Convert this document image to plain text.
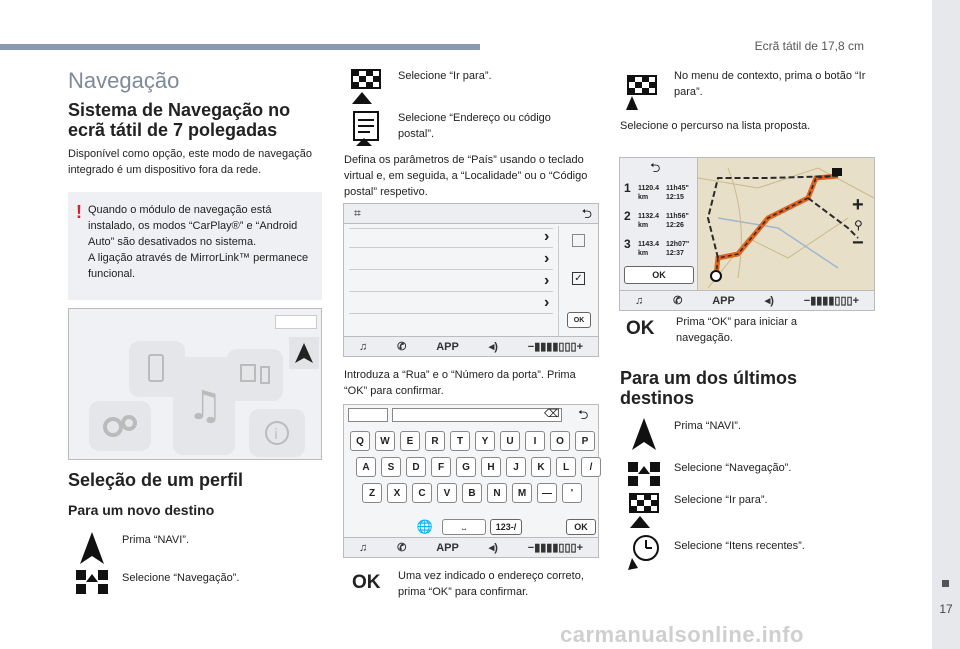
Ecrã tátil de 17,8 cm
17
carmanualsonline.info
Navegação
Sistema de Navegação no ecrã tátil de 7 polegadas
Disponível como opção, este modo de navegação integrado é um dispositivo fora da rede.
! Quando o módulo de navegação está instalado, os modos “CarPlay®” e “Android Auto” são desativados no sistema.
A ligação através de MirrorLink™ permanece funcional.
♫
i
Seleção de um perfil
Para um novo destino
Prima “NAVI”.
Selecione “Navegação”.
Selecione “Ir para”.
Selecione “Endereço ou código postal”.
Defina os parâmetros de “País” usando o teclado virtual e, em seguida, a “Localidade” ou o “Código postal” respetivo.
⌗	⮌
›
›
›
›
✓
OK
♫	✆	APP	◂)	−▮▮▮▮▯▯▯+
Introduza a “Rua” e o “Número da porta”. Prima “OK” para confirmar.
⌫ ⮌
Q	W	E	R	T	Y	U	I	O	P
A	S	D	F	G	H	J	K	L	/
Z	X	C	V	B	N	M	—	'
🌐	⎵	123-/	OK
♫	✆	APP	◂)	−▮▮▮▮▯▯▯+
OK Uma vez indicado o endereço correto, prima “OK” para confirmar.
No menu de contexto, prima o botão “Ir para”.
Selecione o percurso na lista proposta.
⮌
1 1120.4 km
11h45" 12:15
2 1132.4 km
11h56" 12:26
3 1143.4 km
12h07" 12:37
OK
+
⚲
−
♫	✆	APP	◂)	−▮▮▮▮▯▯▯+
OK Prima “OK” para iniciar a navegação.
Para um dos últimos destinos
Prima “NAVI”.
Selecione “Navegação”.
Selecione “Ir para”.
Selecione “Itens recentes”.
